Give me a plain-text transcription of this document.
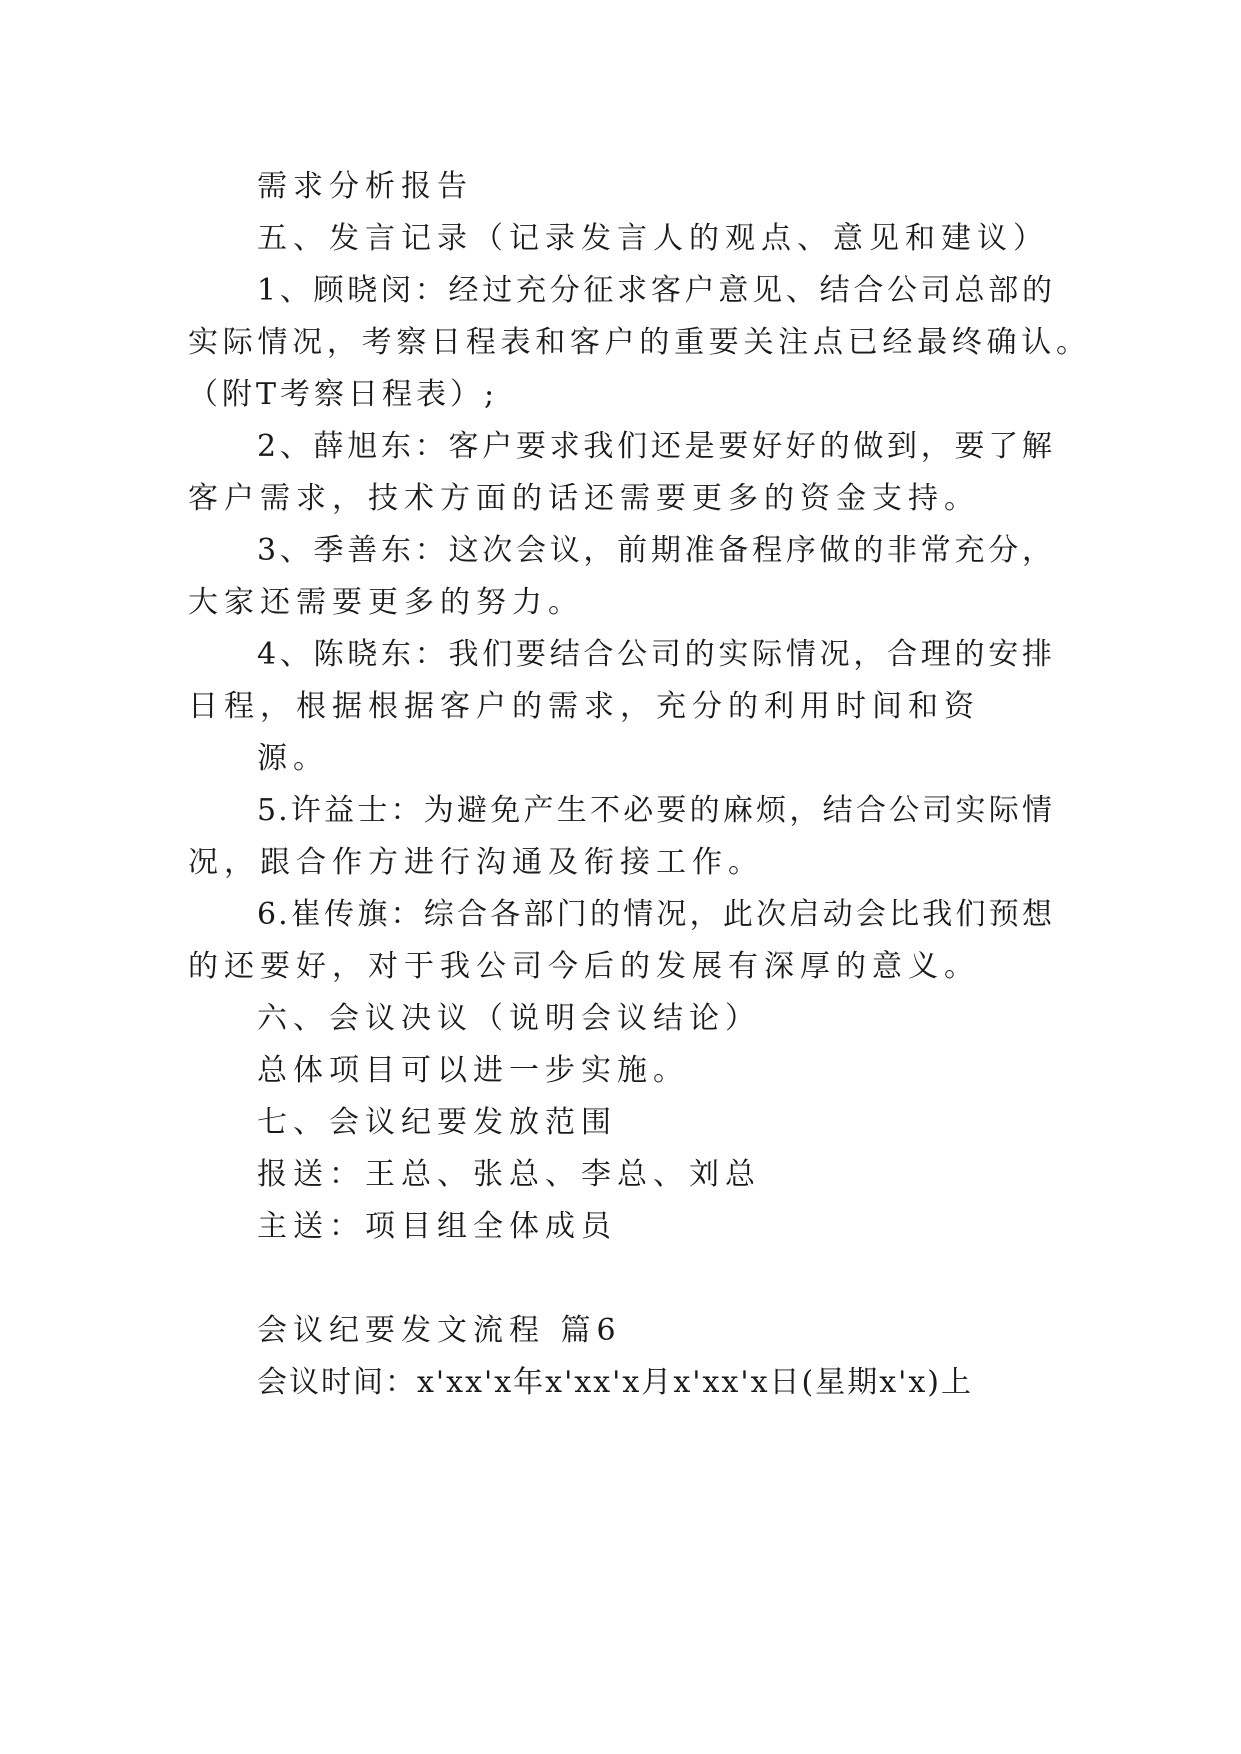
需求分析报告
五、发言记录（记录发言人的观点、意见和建议）
1、顾晓闵：经过充分征求客户意见、结合公司总部的
实际情况，考察日程表和客户的重要关注点已经最终确认。
（附T考察日程表）;
2、薛旭东：客户要求我们还是要好好的做到，要了解
客户需求，技术方面的话还需要更多的资金支持。
3、季善东：这次会议，前期准备程序做的非常充分，
大家还需要更多的努力。
4、陈晓东：我们要结合公司的实际情况，合理的安排
日程，根据根据客户的需求，充分的利用时间和资
源。
5.许益士：为避免产生不必要的麻烦，结合公司实际情
况，跟合作方进行沟通及衔接工作。
6.崔传旗：综合各部门的情况，此次启动会比我们预想
的还要好，对于我公司今后的发展有深厚的意义。
六、会议决议（说明会议结论）
总体项目可以进一步实施。
七、会议纪要发放范围
报送：王总、张总、李总、刘总
主送：项目组全体成员
会议纪要发文流程 篇6
会议时间：x'xx'x年x'xx'x月x'xx'x日(星期x'x)上
